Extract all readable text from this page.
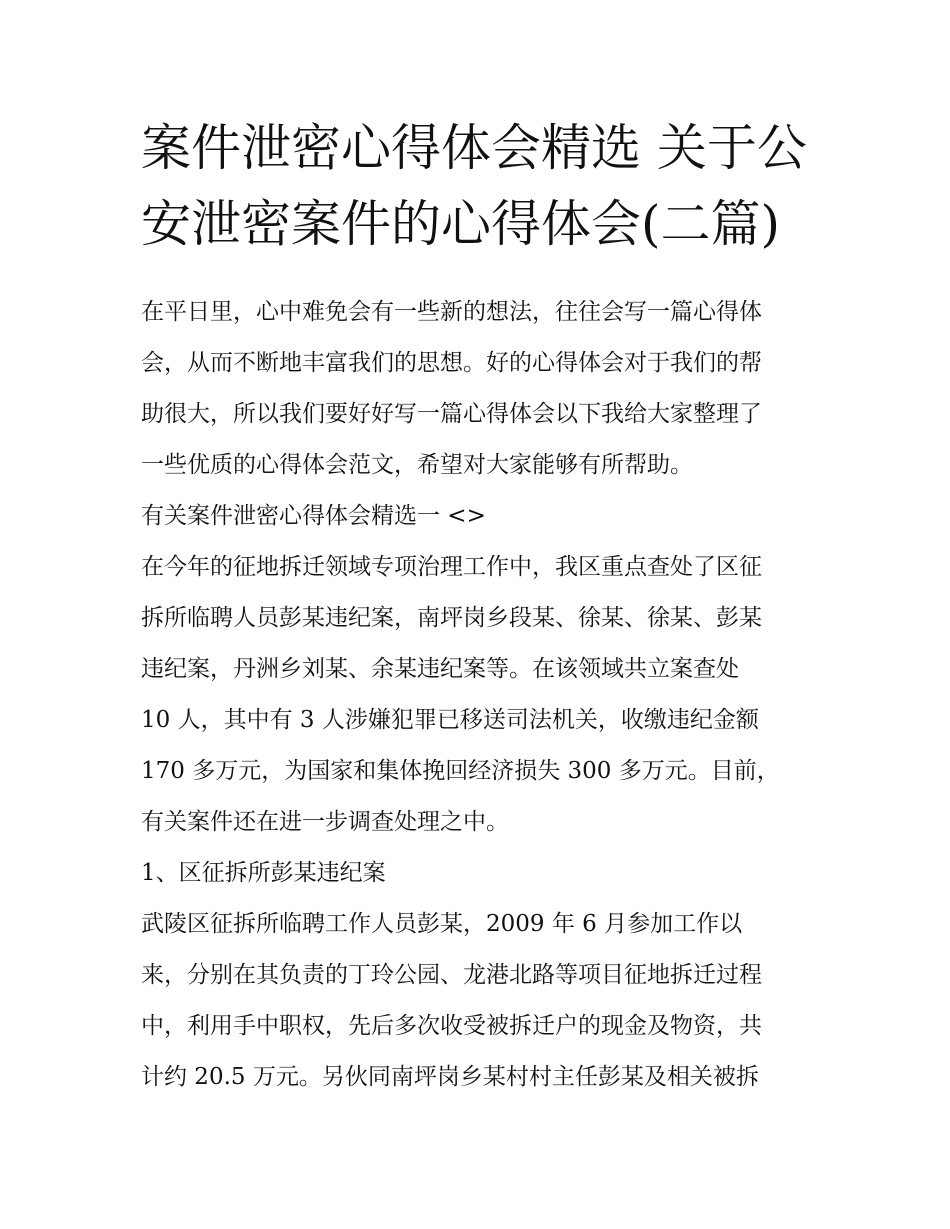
案件泄密心得体会精选 关于公
安泄密案件的心得体会(二篇)
在平日里，心中难免会有一些新的想法，往往会写一篇心得体
会，从而不断地丰富我们的思想。好的心得体会对于我们的帮
助很大，所以我们要好好写一篇心得体会以下我给大家整理了
一些优质的心得体会范文，希望对大家能够有所帮助。
有关案件泄密心得体会精选一 <>
在今年的征地拆迁领域专项治理工作中，我区重点查处了区征
拆所临聘人员彭某违纪案，南坪岗乡段某、徐某、徐某、彭某
违纪案，丹洲乡刘某、余某违纪案等。在该领域共立案查处
10 人，其中有 3 人涉嫌犯罪已移送司法机关，收缴违纪金额
170 多万元，为国家和集体挽回经济损失 300 多万元。目前，
有关案件还在进一步调查处理之中。
1、区征拆所彭某违纪案
武陵区征拆所临聘工作人员彭某，2009 年 6 月参加工作以
来，分别在其负责的丁玲公园、龙港北路等项目征地拆迁过程
中，利用手中职权，先后多次收受被拆迁户的现金及物资，共
计约 20.5 万元。另伙同南坪岗乡某村村主任彭某及相关被拆
